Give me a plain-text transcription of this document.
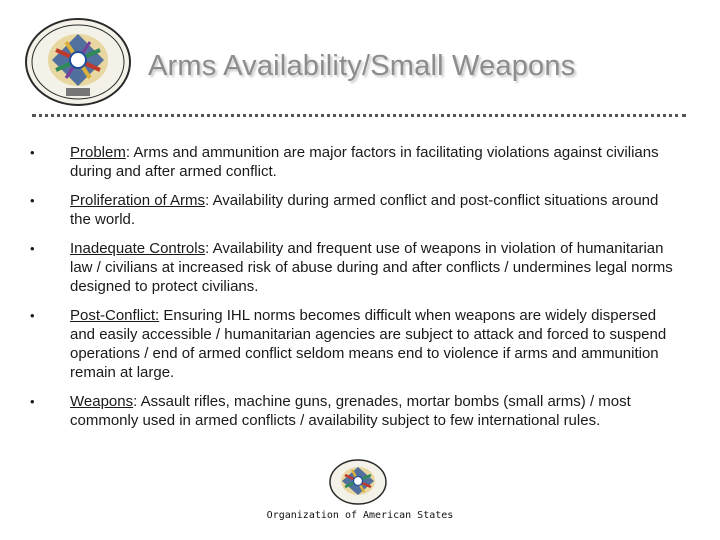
Arms Availability/Small Weapons
• Problem: Arms and ammunition are major factors in facilitating violations against civilians during and after armed conflict.
• Proliferation of Arms: Availability during armed conflict and post-conflict situations around the world.
• Inadequate Controls: Availability and frequent use of weapons in violation of humanitarian law / civilians at increased risk of abuse during and after conflicts / undermines legal norms designed to protect civilians.
• Post-Conflict: Ensuring IHL norms becomes difficult when weapons are widely dispersed and easily accessible / humanitarian agencies are subject to attack and forced to suspend operations / end of armed conflict seldom means end to violence if arms and ammunition remain at large.
• Weapons: Assault rifles, machine guns, grenades, mortar bombs (small arms) / most commonly used in armed conflicts / availability subject to few international rules.
Organization of American States
